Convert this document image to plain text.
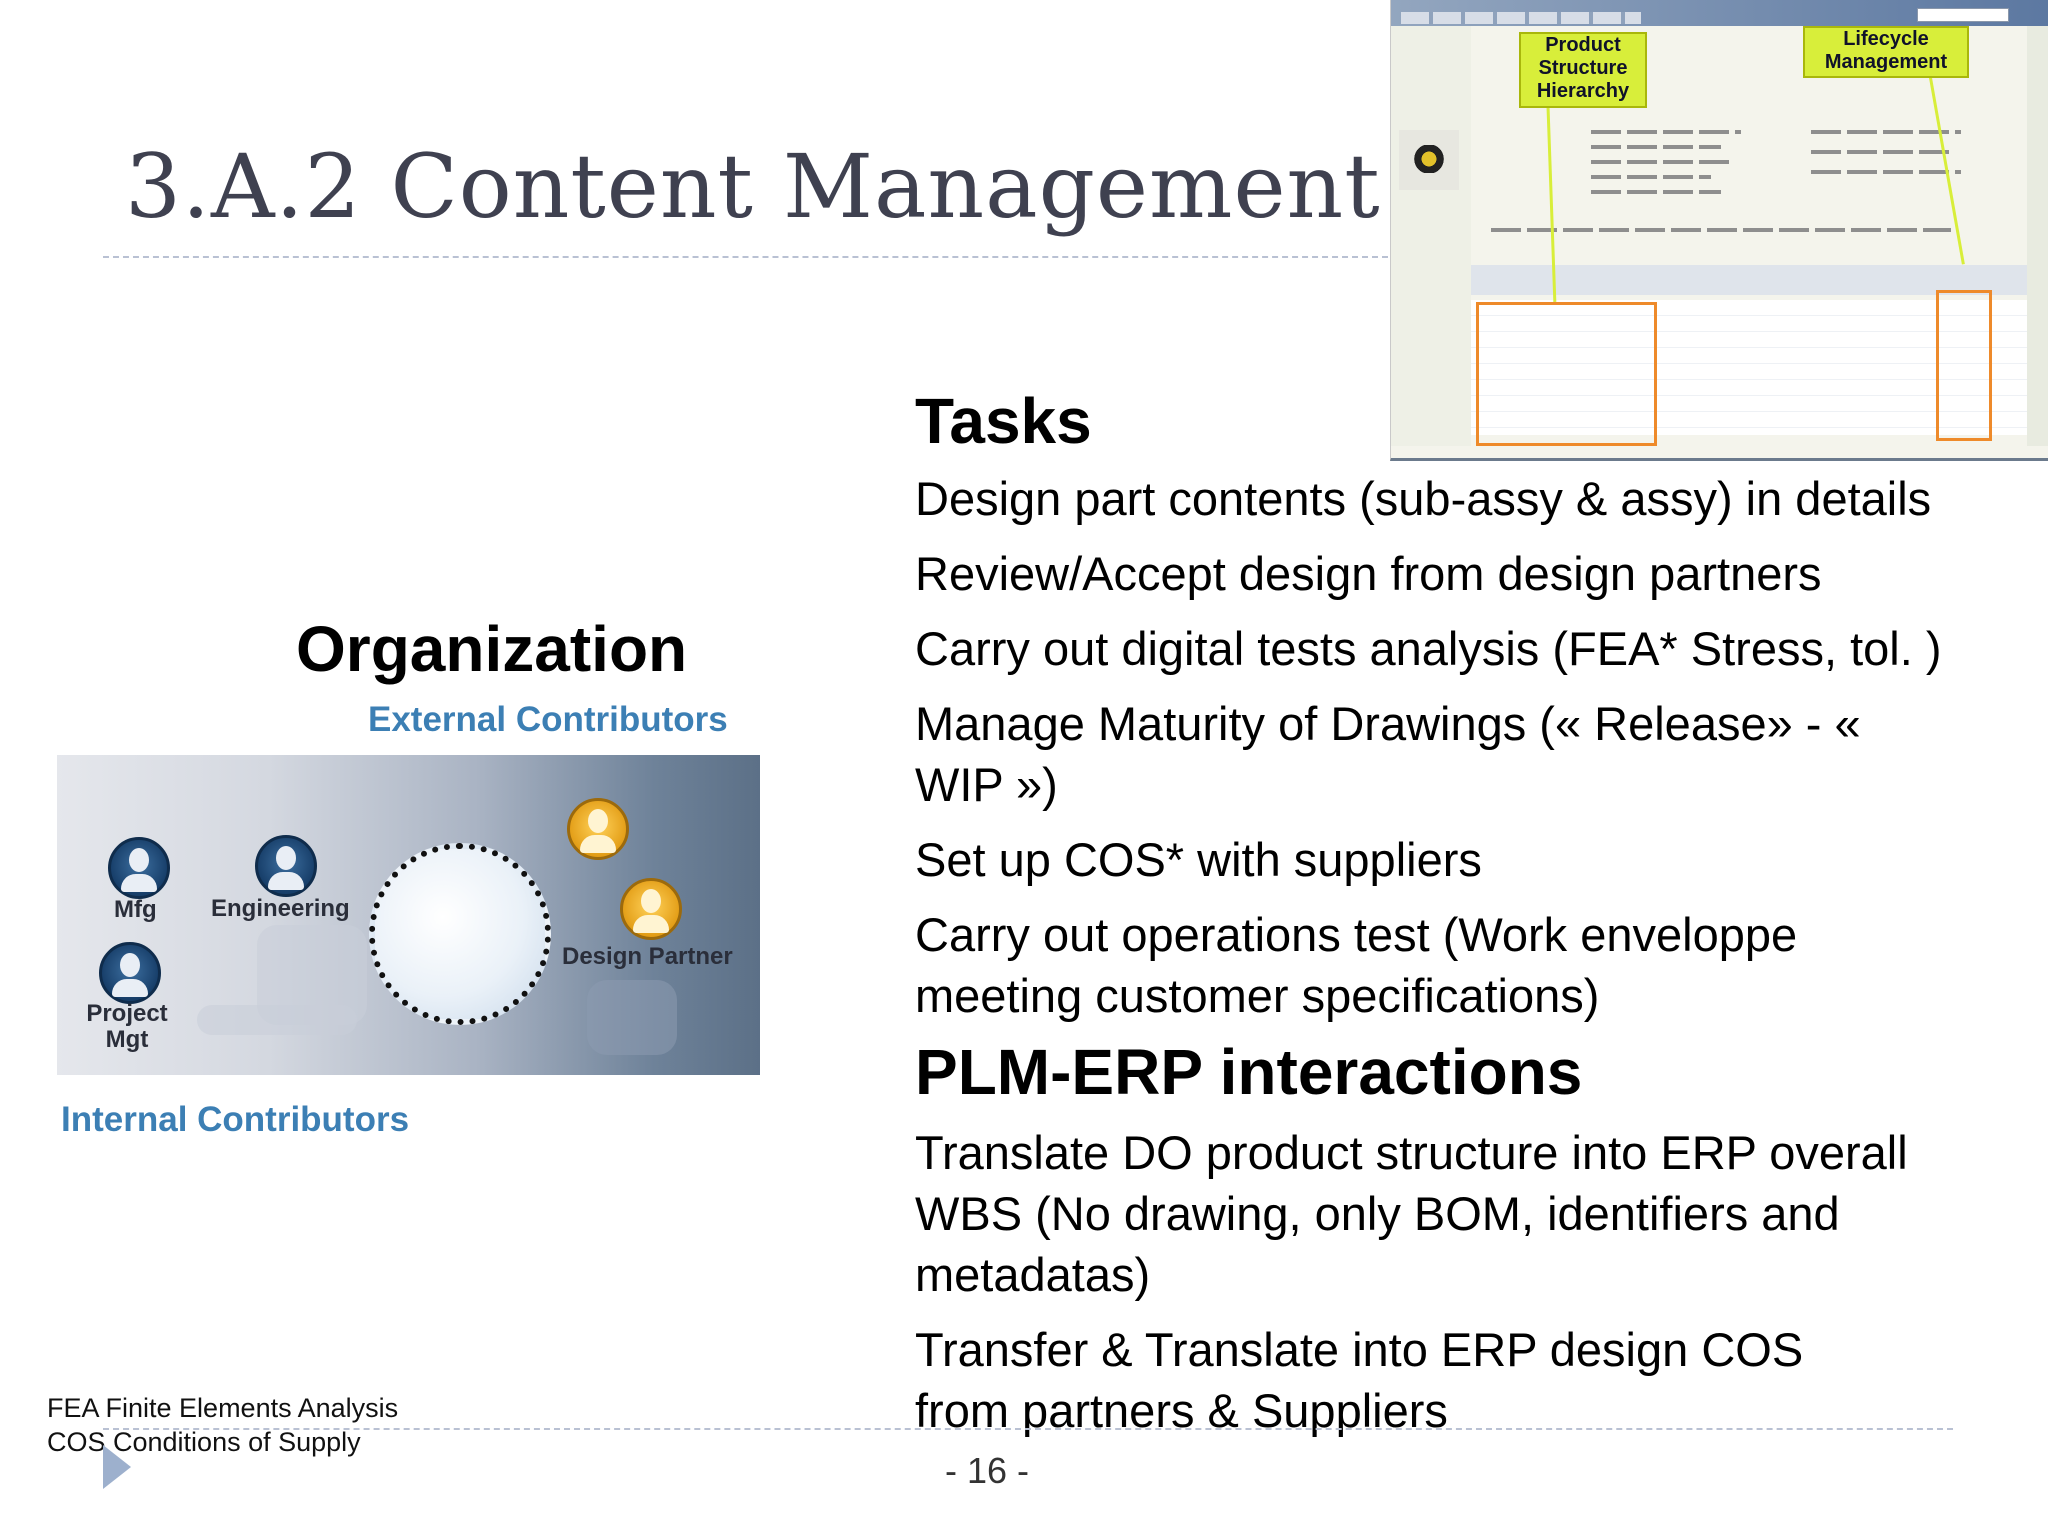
3.A.2 Content Management
Product Structure Hierarchy
Lifecycle Management
Organization
External Contributors
Mfg Engineering
Project Mgt
Design Partner
Internal Contributors
Tasks
Design part contents (sub-assy & assy) in details
Review/Accept design from design partners
Carry out digital tests analysis (FEA* Stress, tol. )
Manage Maturity of Drawings (« Release» - « WIP »)
Set up COS* with suppliers
Carry out operations test (Work enveloppe meeting customer specifications)
PLM-ERP interactions
Translate DO product structure into ERP overall WBS (No drawing, only BOM, identifiers and metadatas)
Transfer & Translate into ERP design COS from partners & Suppliers
FEA Finite Elements Analysis
COS Conditions of Supply
- 16 -
